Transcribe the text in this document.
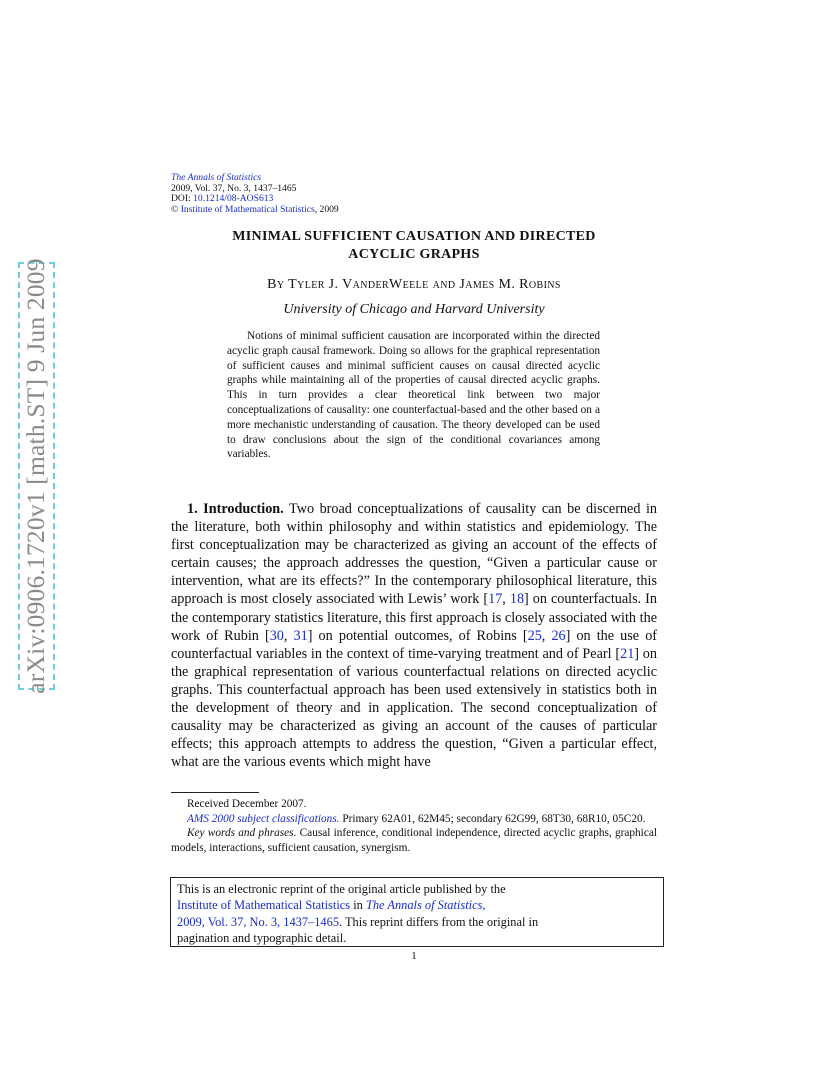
arXiv:0906.1720v1 [math.ST] 9 Jun 2009
The Annals of Statistics
2009, Vol. 37, No. 3, 1437–1465
DOI: 10.1214/08-AOS613
© Institute of Mathematical Statistics, 2009
MINIMAL SUFFICIENT CAUSATION AND DIRECTED
ACYCLIC GRAPHS
By Tyler J. VanderWeele and James M. Robins
University of Chicago and Harvard University

Notions of minimal sufficient causation are incorporated within the directed acyclic graph causal framework. Doing so allows for the graphical representation of sufficient causes and minimal sufficient causes on causal directed acyclic graphs while maintaining all of the properties of causal directed acyclic graphs. This in turn provides a clear theoretical link between two major conceptualizations of causality: one counterfactual-based and the other based on a more mechanistic understanding of causation. The theory developed can be used to draw conclusions about the sign of the conditional covariances among variables.

1. Introduction. Two broad conceptualizations of causality can be discerned in the literature, both within philosophy and within statistics and epidemiology. The first conceptualization may be characterized as giving an account of the effects of certain causes; the approach addresses the question, “Given a particular cause or intervention, what are its effects?” In the contemporary philosophical literature, this approach is most closely associated with Lewis’ work [17, 18] on counterfactuals. In the contemporary statistics literature, this first approach is closely associated with the work of Rubin [30, 31] on potential outcomes, of Robins [25, 26] on the use of counterfactual variables in the context of time-varying treatment and of Pearl [21] on the graphical representation of various counterfactual relations on directed acyclic graphs. This counterfactual approach has been used extensively in statistics both in the development of theory and in application. The second conceptualization of causality may be characterized as giving an account of the causes of particular effects; this approach attempts to address the question, “Given a particular effect, what are the various events which might have

Received December 2007.

AMS 2000 subject classifications. Primary 62A01, 62M45; secondary 62G99, 68T30, 68R10, 05C20.

Key words and phrases. Causal inference, conditional independence, directed acyclic graphs, graphical models, interactions, sufficient causation, synergism.

This is an electronic reprint of the original article published by the
Institute of Mathematical Statistics in The Annals of Statistics,
2009, Vol. 37, No. 3, 1437–1465. This reprint differs from the original in
pagination and typographic detail.
1
